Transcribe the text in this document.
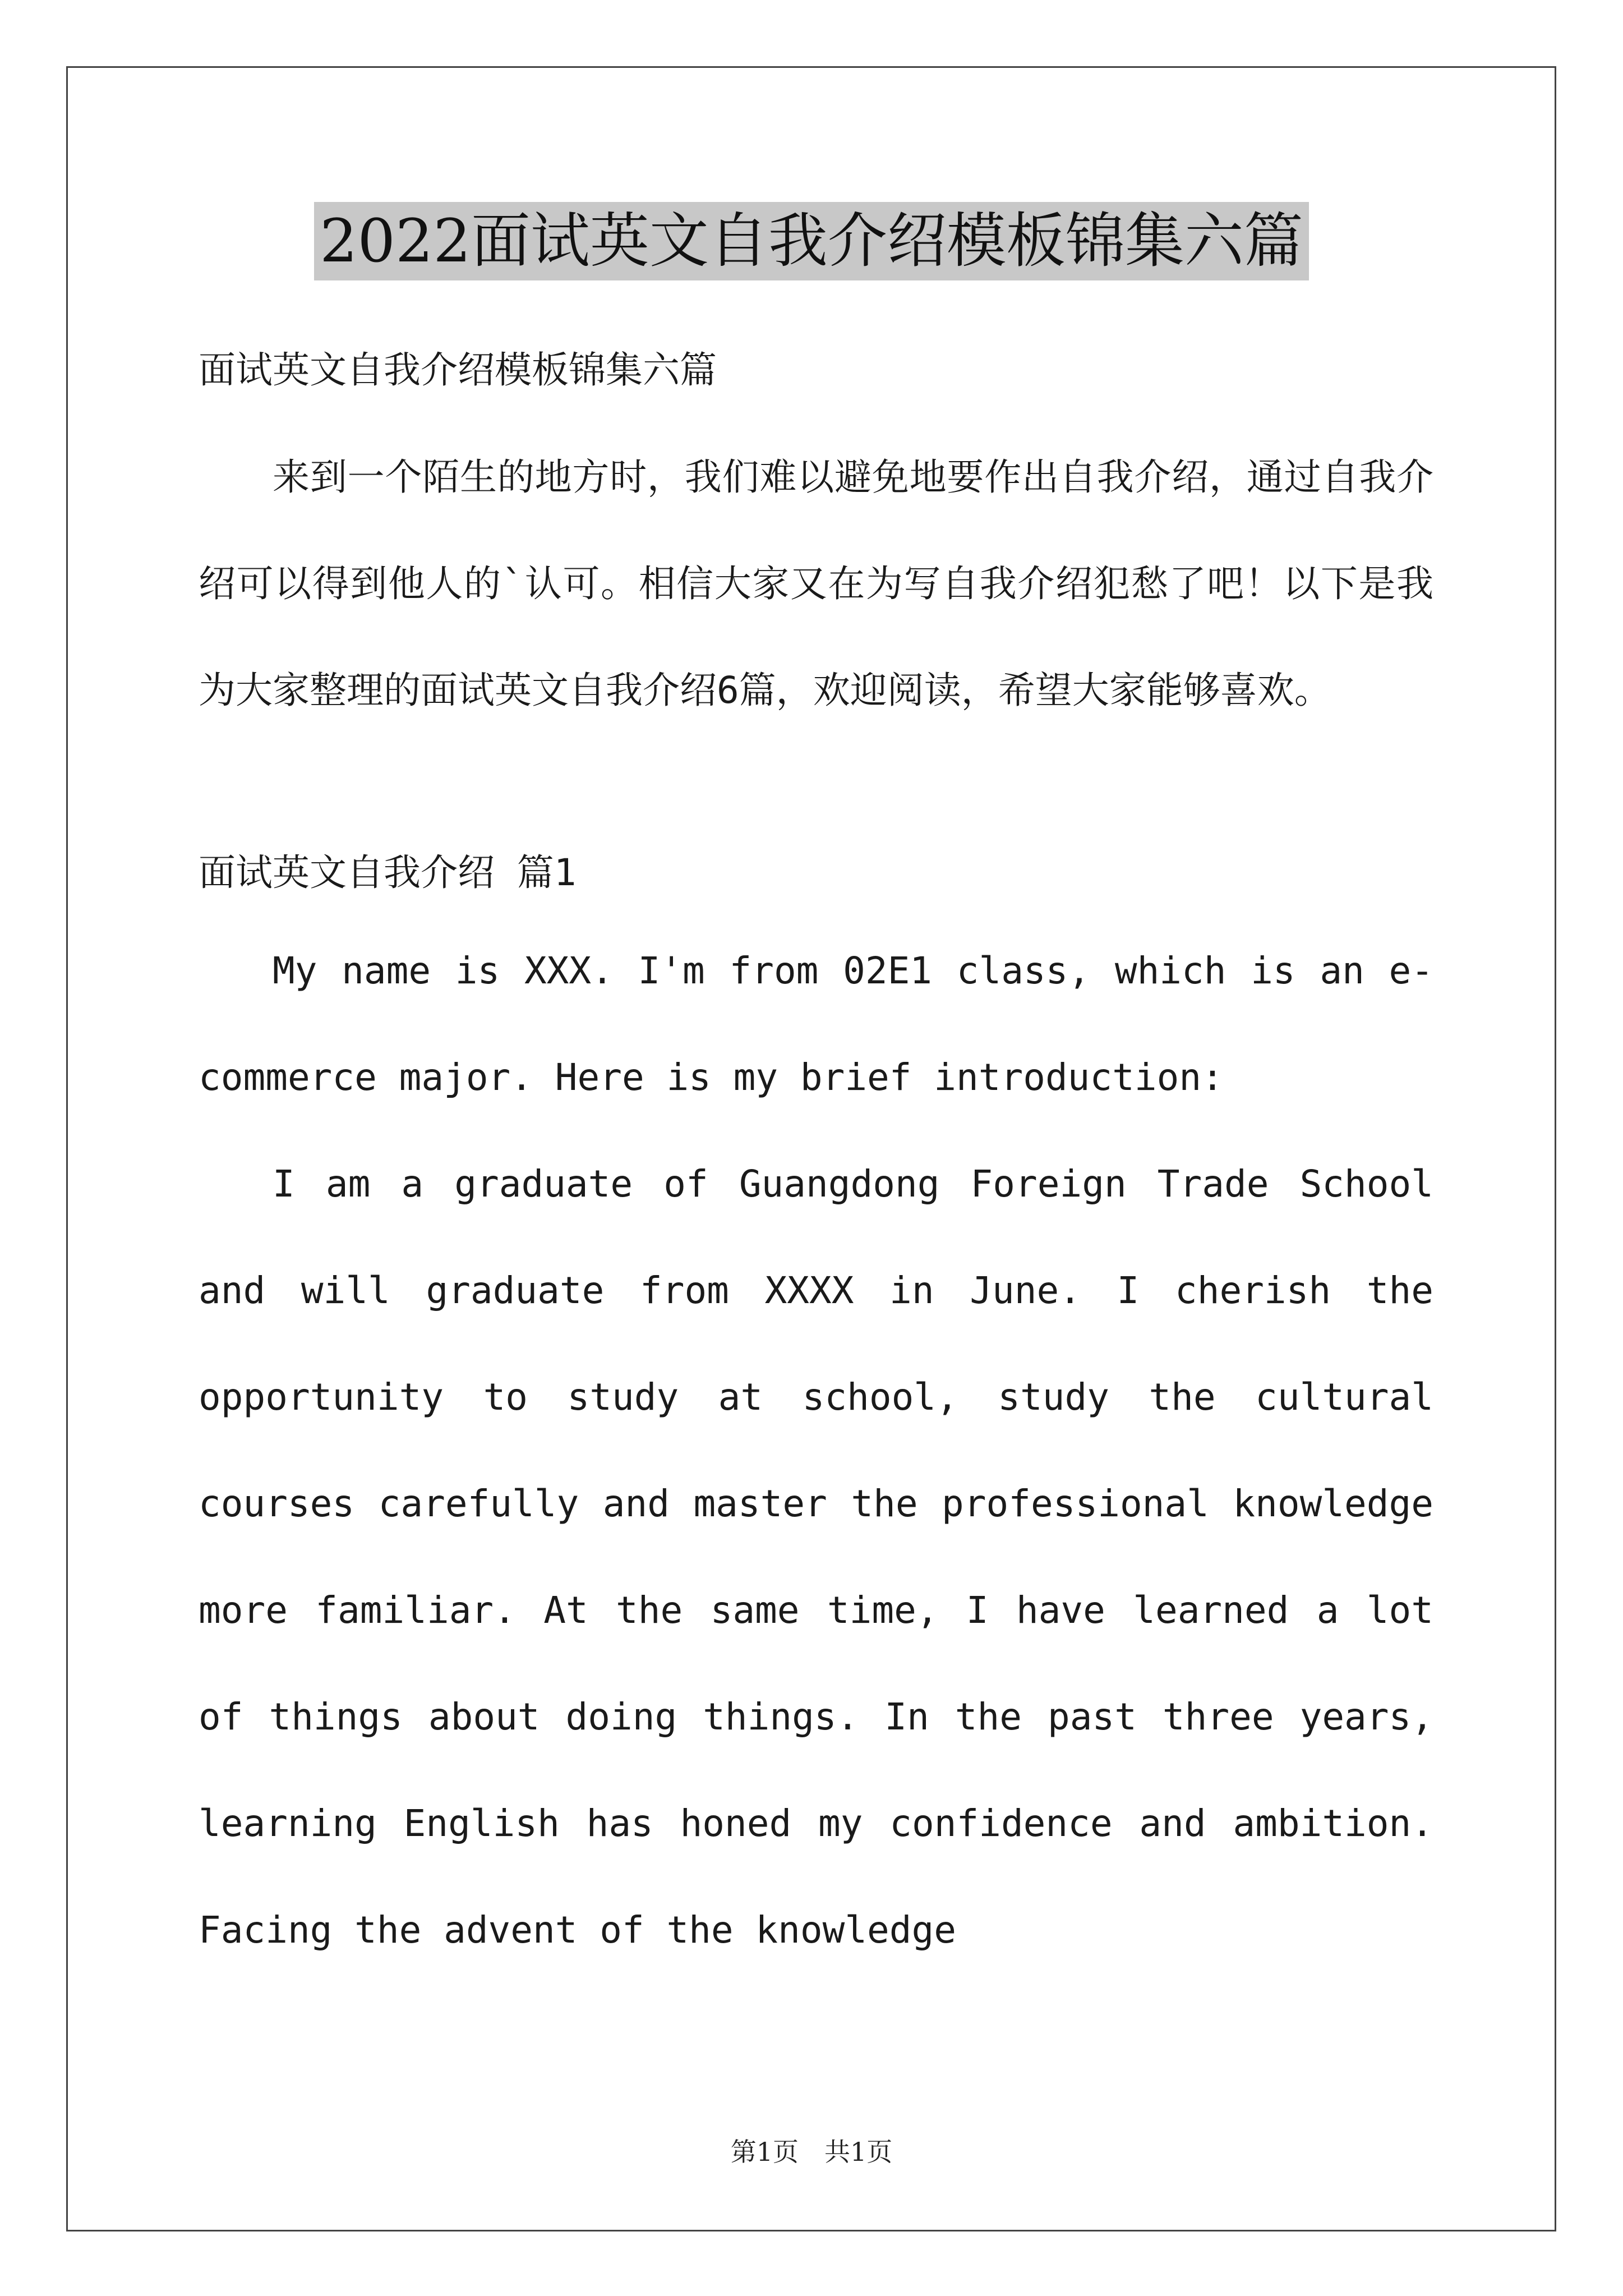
2022面试英文自我介绍模板锦集六篇
面试英文自我介绍模板锦集六篇

来到一个陌生的地方时，我们难以避免地要作出自我介绍，通过自我介绍可以得到他人的`认可。相信大家又在为写自我介绍犯愁了吧！以下是我为大家整理的面试英文自我介绍6篇，欢迎阅读，希望大家能够喜欢。

面试英文自我介绍 篇1

My name is XXX. I'm from 02E1 class, which is an e-commerce major. Here is my brief introduction:

I am a graduate of Guangdong Foreign Trade School and will graduate from XXXX in June. I cherish the opportunity to study at school, study the cultural courses carefully and master the professional knowledge more familiar. At the same time, I have learned a lot of things about doing things. In the past three years, learning English has honed my confidence and ambition. Facing the advent of the knowledge

第1页　共1页
